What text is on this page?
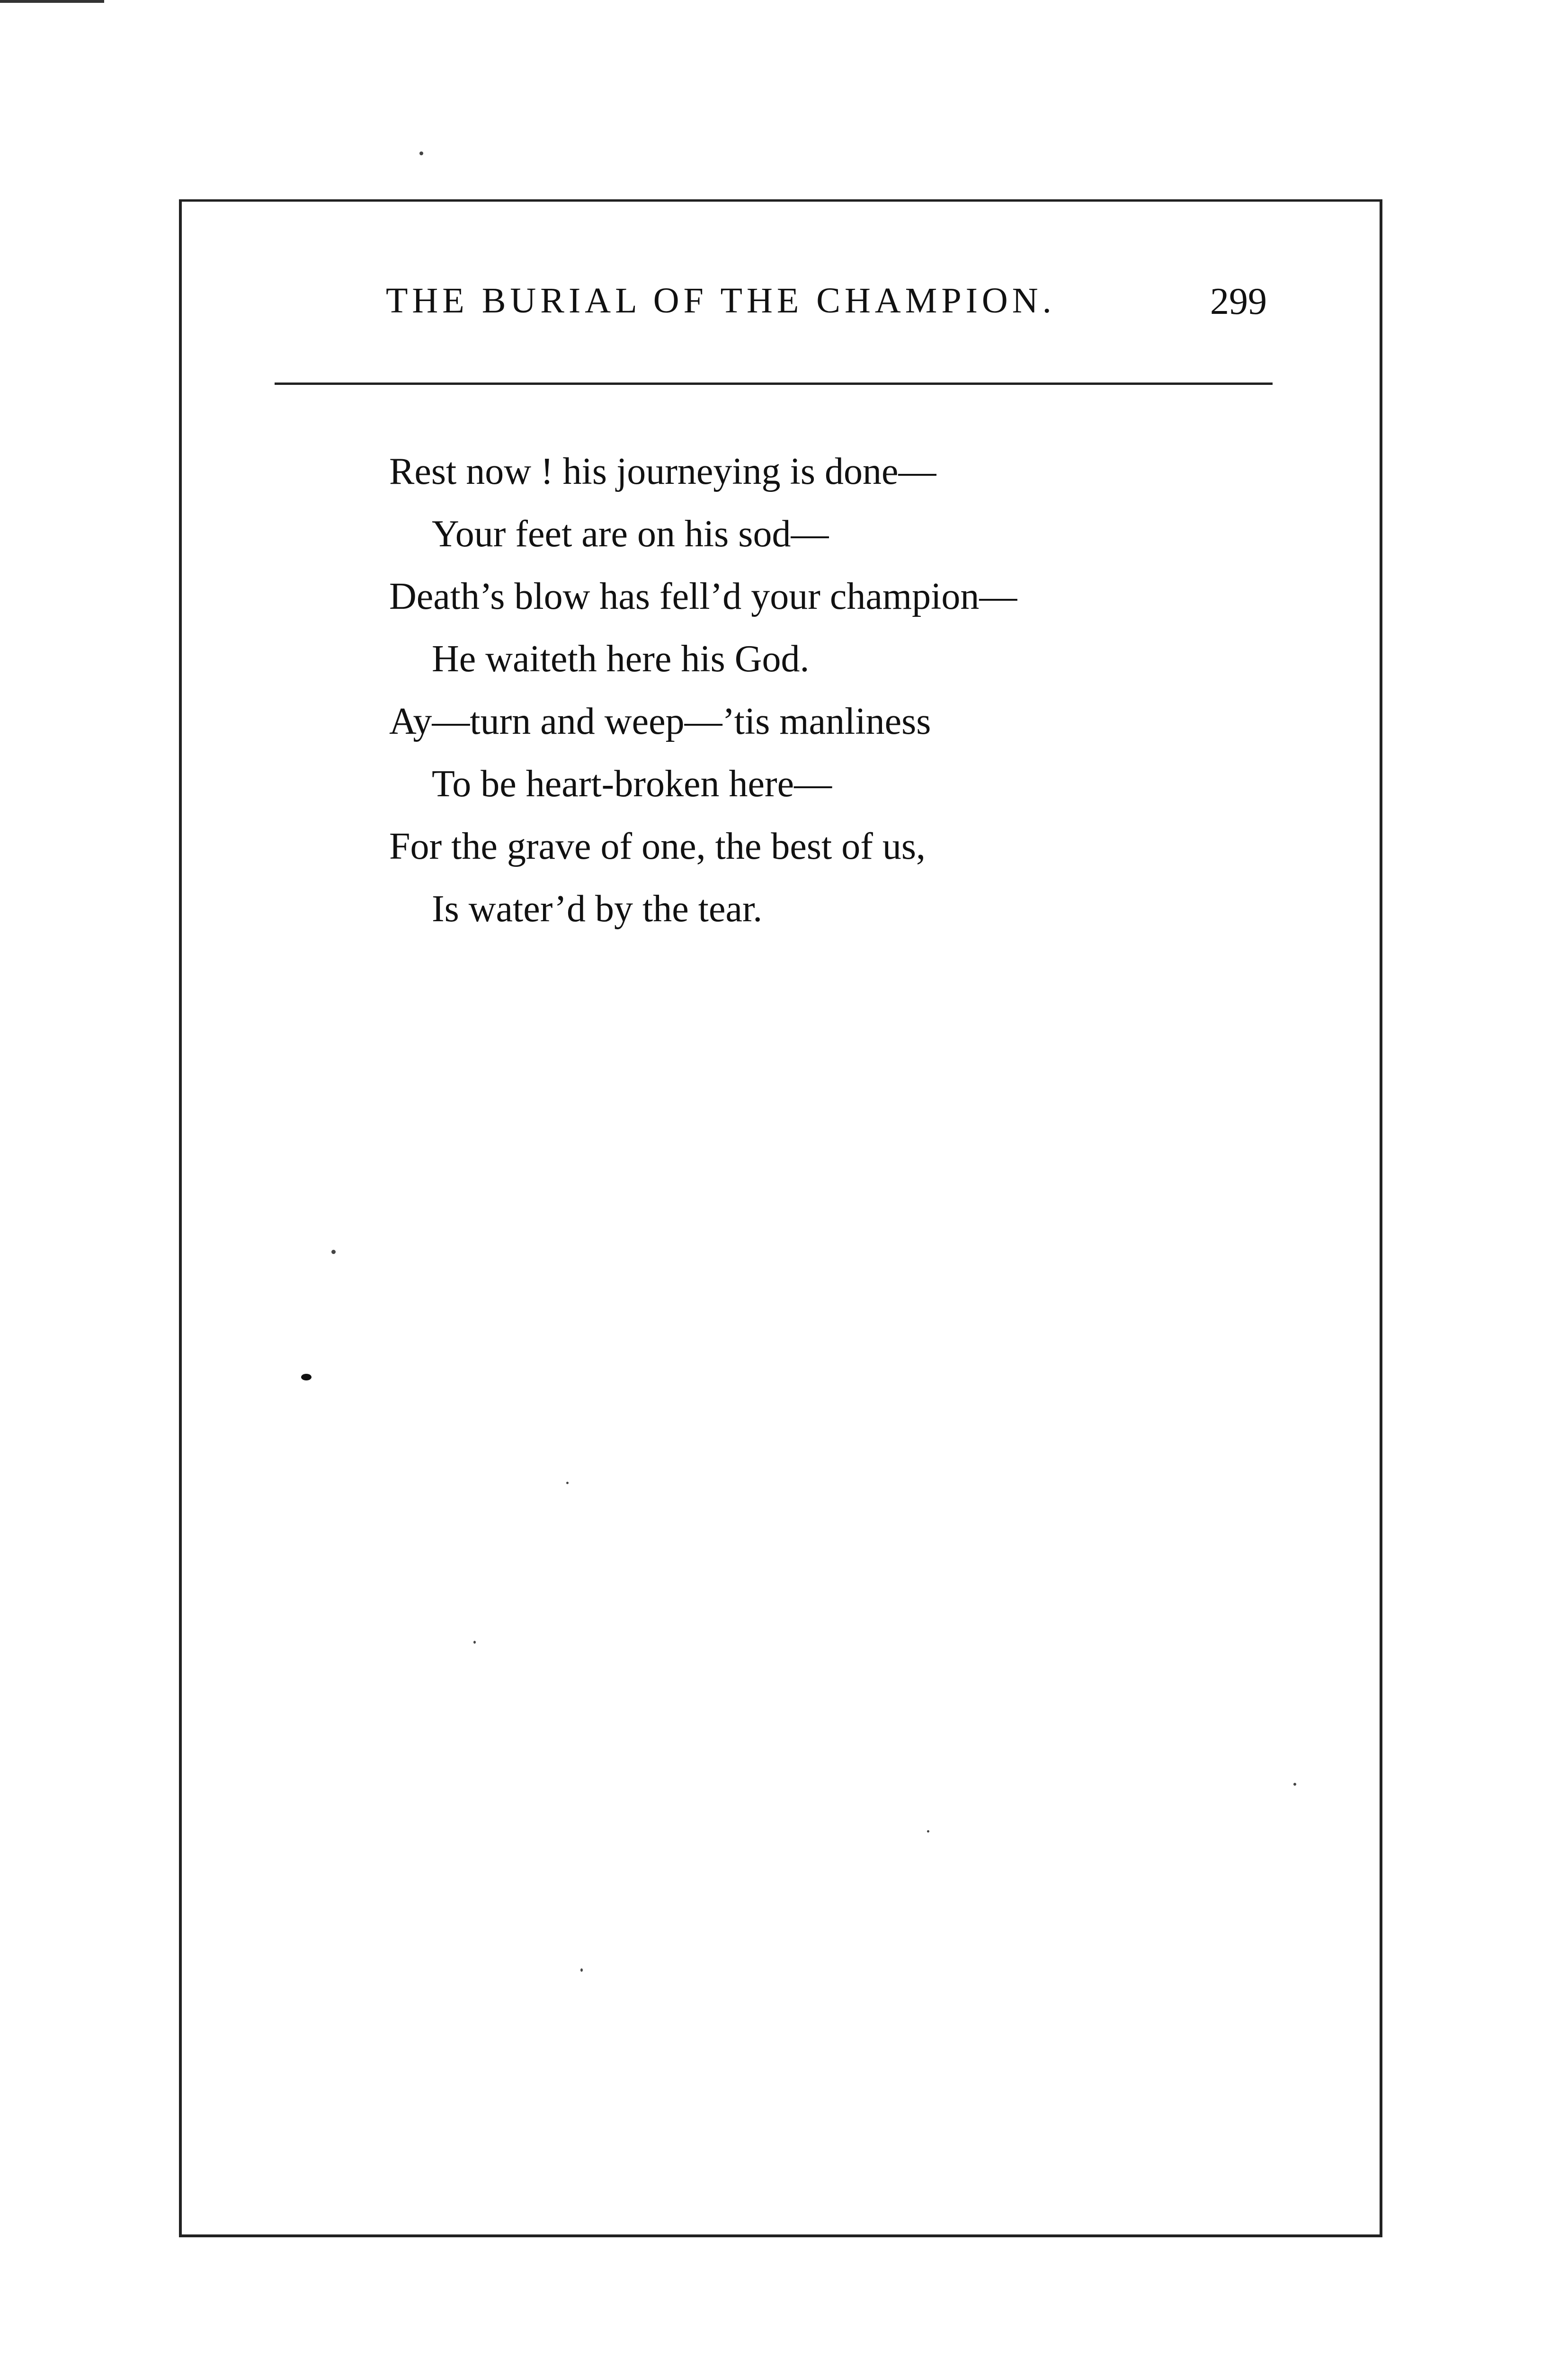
THE BURIAL OF THE CHAMPION.	299
Rest now ! his journeying is done—
Your feet are on his sod—
Death’s blow has fell’d your champion—
He waiteth here his God.
Ay—turn and weep—’tis manliness
To be heart-broken here—
For the grave of one, the best of us,
Is water’d by the tear.
